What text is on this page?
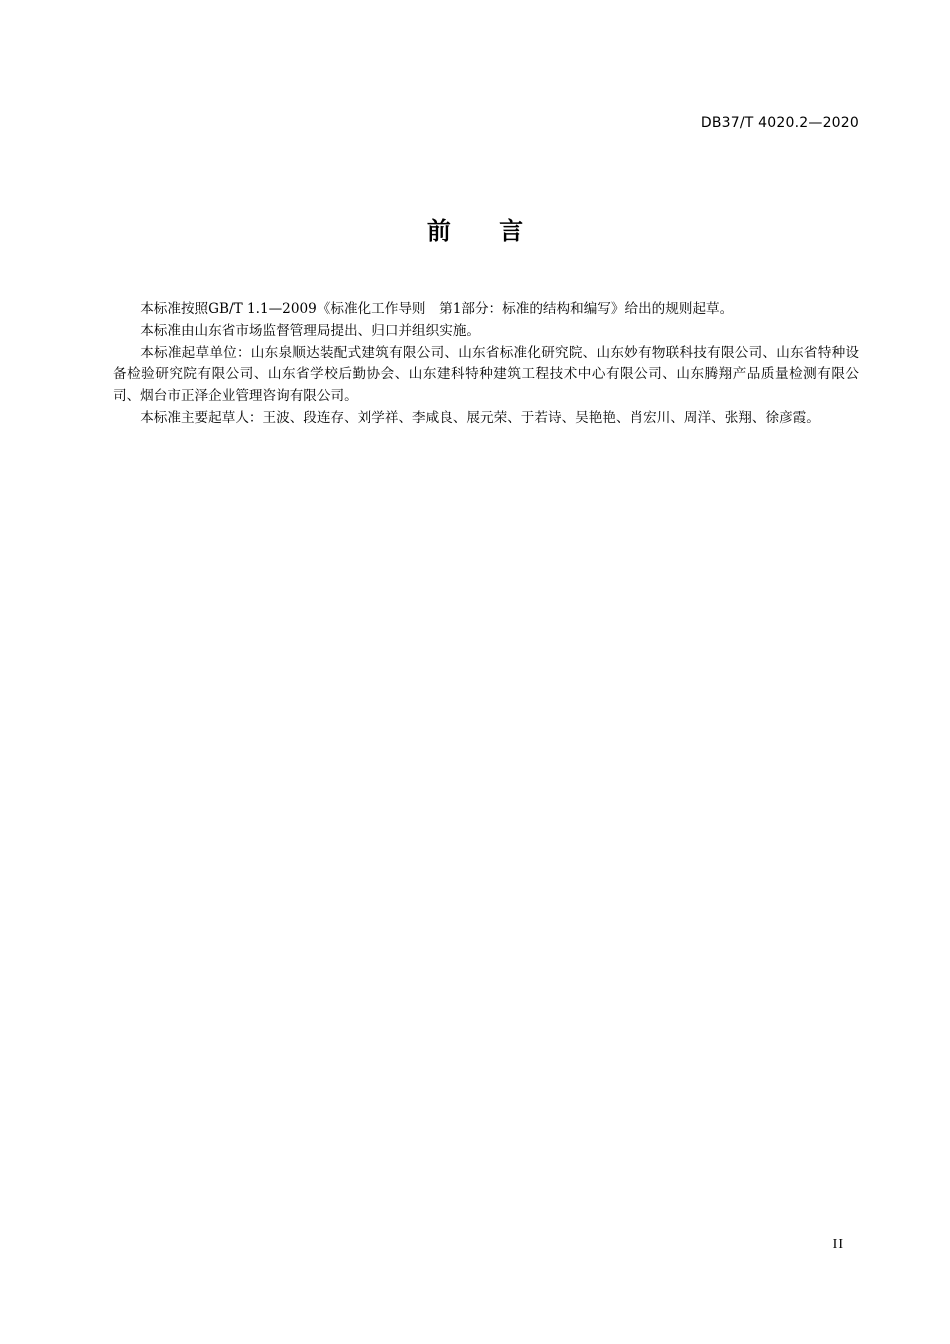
DB37/T 4020.2—2020
前 言

本标准按照GB/T 1.1—2009《标准化工作导则　第1部分：标准的结构和编写》给出的规则起草。

本标准由山东省市场监督管理局提出、归口并组织实施。

本标准起草单位：山东泉顺达装配式建筑有限公司、山东省标准化研究院、山东妙有物联科技有限公司、山东省特种设备检验研究院有限公司、山东省学校后勤协会、山东建科特种建筑工程技术中心有限公司、山东腾翔产品质量检测有限公司、烟台市正泽企业管理咨询有限公司。

本标准主要起草人：王波、段连存、刘学祥、李咸良、展元荣、于若诗、吴艳艳、肖宏川、周洋、张翔、徐彦霞。

II
